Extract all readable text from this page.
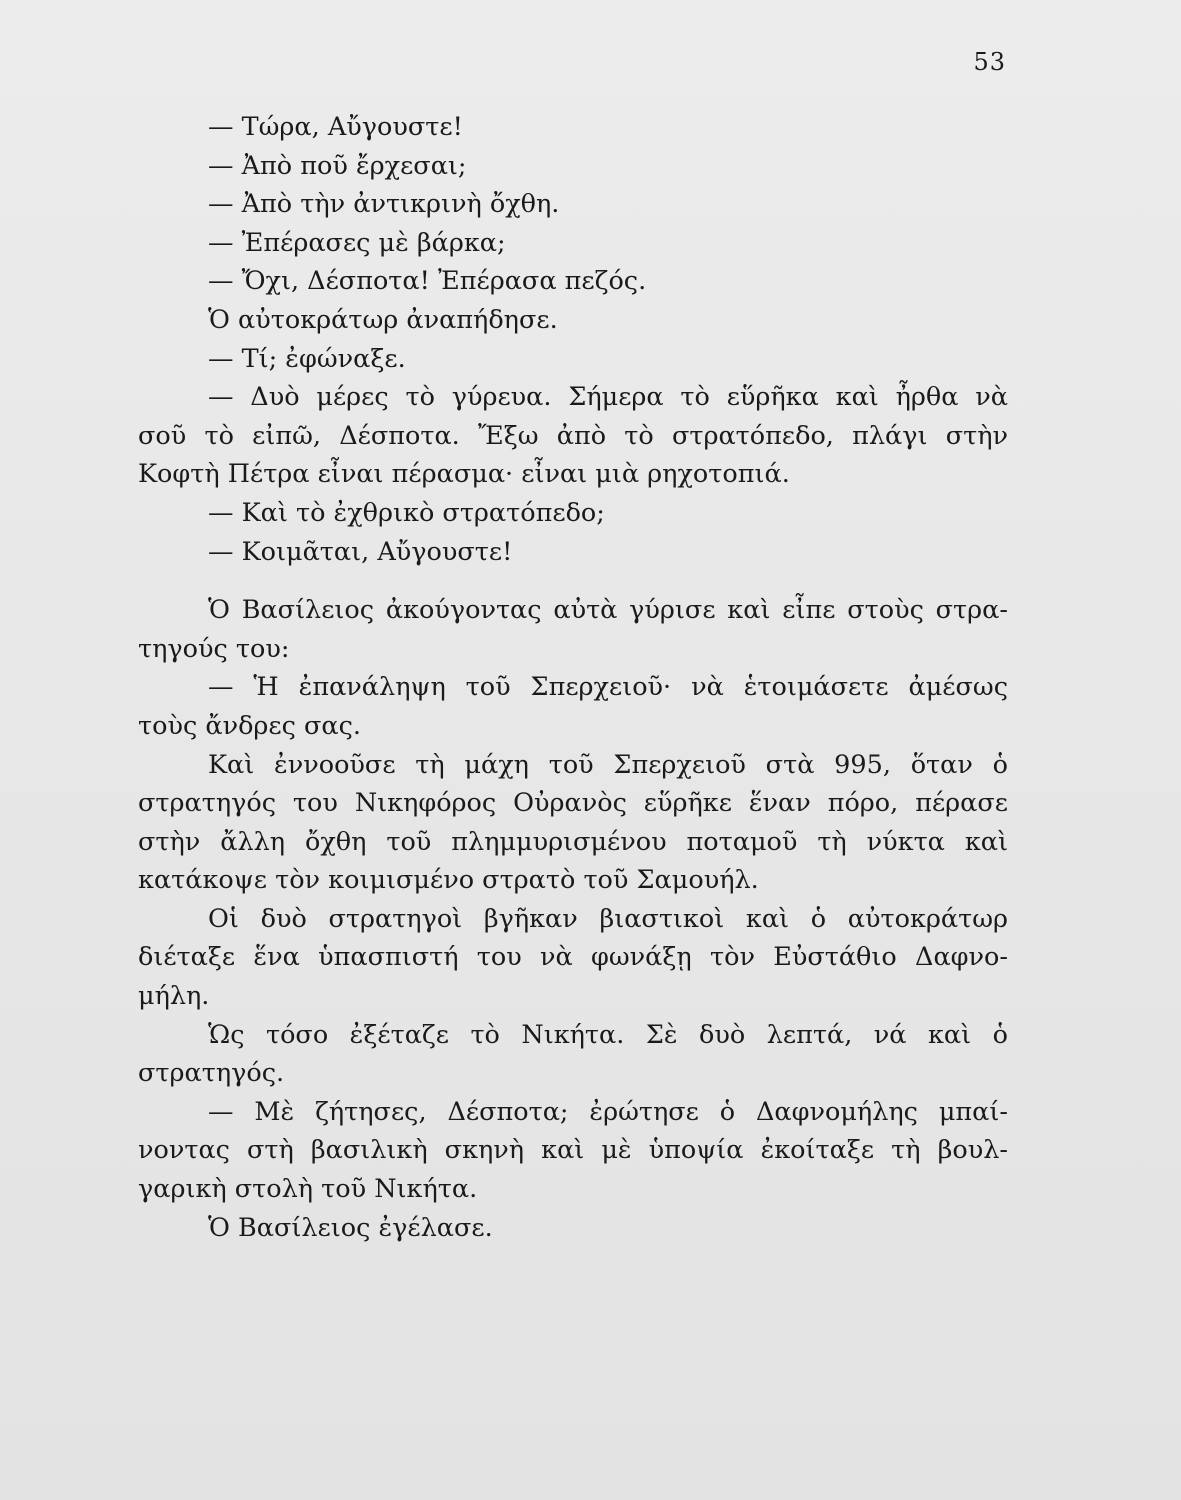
53
— Τώρα, Αὔγουστε!
— Ἀπὸ ποῦ ἔρχεσαι;
— Ἀπὸ τὴν ἀντικρινὴ ὄχθη.
— Ἐπέρασες μὲ βάρκα;
— Ὄχι, Δέσποτα! Ἐπέρασα πεζός.
Ὁ αὐτοκράτωρ ἀναπήδησε.
— Τί; ἐφώναξε.
— Δυὸ μέρες τὸ γύρευα. Σήμερα τὸ εὕρῆκα καὶ ἦρθα νὰ
σοῦ τὸ εἰπῶ, Δέσποτα. Ἔξω ἀπὸ τὸ στρατόπεδο, πλάγι στὴν
Κοφτὴ Πέτρα εἶναι πέρασμα· εἶναι μιὰ ρηχοτοπιά.
— Καὶ τὸ ἐχθρικὸ στρατόπεδο;
— Κοιμᾶται, Αὔγουστε!
Ὁ Βασίλειος ἀκούγοντας αὐτὰ γύρισε καὶ εἶπε στοὺς στρα-
τηγούς του:
— Ἡ ἐπανάληψη τοῦ Σπερχειοῦ· νὰ ἑτοιμάσετε ἀμέσως
τοὺς ἄνδρες σας.
Καὶ ἐννοοῦσε τὴ μάχη τοῦ Σπερχειοῦ στὰ 995, ὅταν ὁ
στρατηγός του Νικηφόρος Οὐρανὸς εὕρῆκε ἕναν πόρο, πέρασε
στὴν ἄλλη ὄχθη τοῦ πλημμυρισμένου ποταμοῦ τὴ νύκτα καὶ
κατάκοψε τὸν κοιμισμένο στρατὸ τοῦ Σαμουήλ.
Οἱ δυὸ στρατηγοὶ βγῆκαν βιαστικοὶ καὶ ὁ αὐτοκράτωρ
διέταξε ἕνα ὑπασπιστή του νὰ φωνάξῃ τὸν Εὐστάθιο Δαφνο-
μήλη.
Ὡς τόσο ἐξέταζε τὸ Νικήτα. Σὲ δυὸ λεπτά, νά καὶ ὁ
στρατηγός.
— Μὲ ζήτησες, Δέσποτα; ἐρώτησε ὁ Δαφνομήλης μπαί-
νοντας στὴ βασιλικὴ σκηνὴ καὶ μὲ ὑποψία ἐκοίταξε τὴ βουλ-
γαρικὴ στολὴ τοῦ Νικήτα.
Ὁ Βασίλειος ἐγέλασε.
